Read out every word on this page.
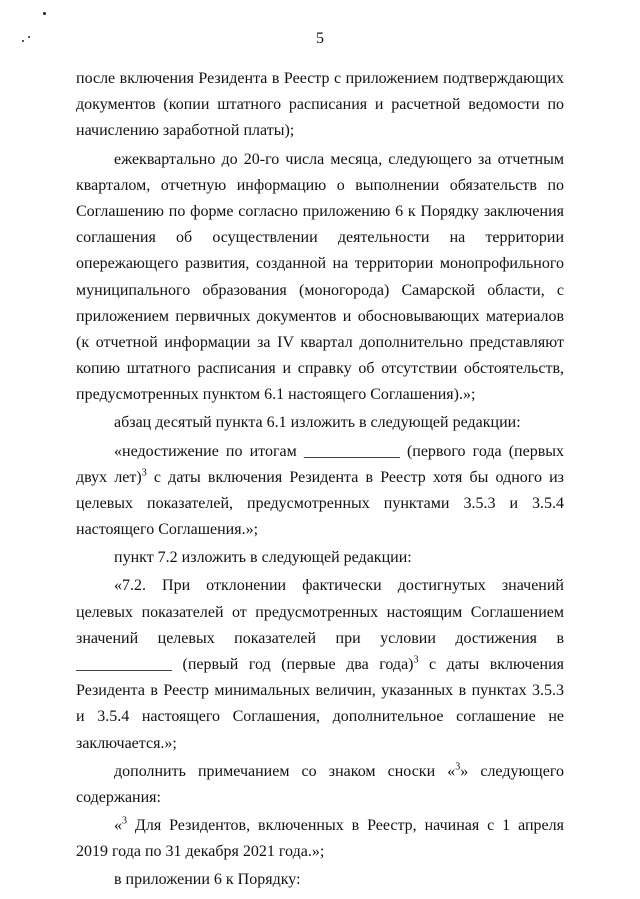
5

после включения Резидента в Реестр с приложением подтверждающих документов (копии штатного расписания и расчетной ведомости по начислению заработной платы);

ежеквартально до 20-го числа месяца, следующего за отчетным кварталом, отчетную информацию о выполнении обязательств по Соглашению по форме согласно приложению 6 к Порядку заключения соглашения об осуществлении деятельности на территории опережающего развития, созданной на территории монопрофильного муниципального образования (моногорода) Самарской области, с приложением первичных документов и обосновывающих материалов (к отчетной информации за IV квартал дополнительно представляют копию штатного расписания и справку об отсутствии обстоятельств, предусмотренных пунктом 6.1 настоящего Соглашения).»;

абзац десятый пункта 6.1 изложить в следующей редакции:

«недостижение по итогам ____________ (первого года (первых двух лет)$^3$ с даты включения Резидента в Реестр хотя бы одного из целевых показателей, предусмотренных пунктами 3.5.3 и 3.5.4 настоящего Соглашения.»;

пункт 7.2 изложить в следующей редакции:

«7.2. При отклонении фактически достигнутых значений целевых показателей от предусмотренных настоящим Соглашением значений целевых показателей при условии достижения в ____________ (первый год (первые два года)$^3$ с даты включения Резидента в Реестр минимальных величин, указанных в пунктах 3.5.3 и 3.5.4 настоящего Соглашения, дополнительное соглашение не заключается.»;

дополнить примечанием со знаком сноски «$^3$» следующего содержания:

«$^3$ Для Резидентов, включенных в Реестр, начиная с 1 апреля 2019 года по 31 декабря 2021 года.»;

в приложении 6 к Порядку:
